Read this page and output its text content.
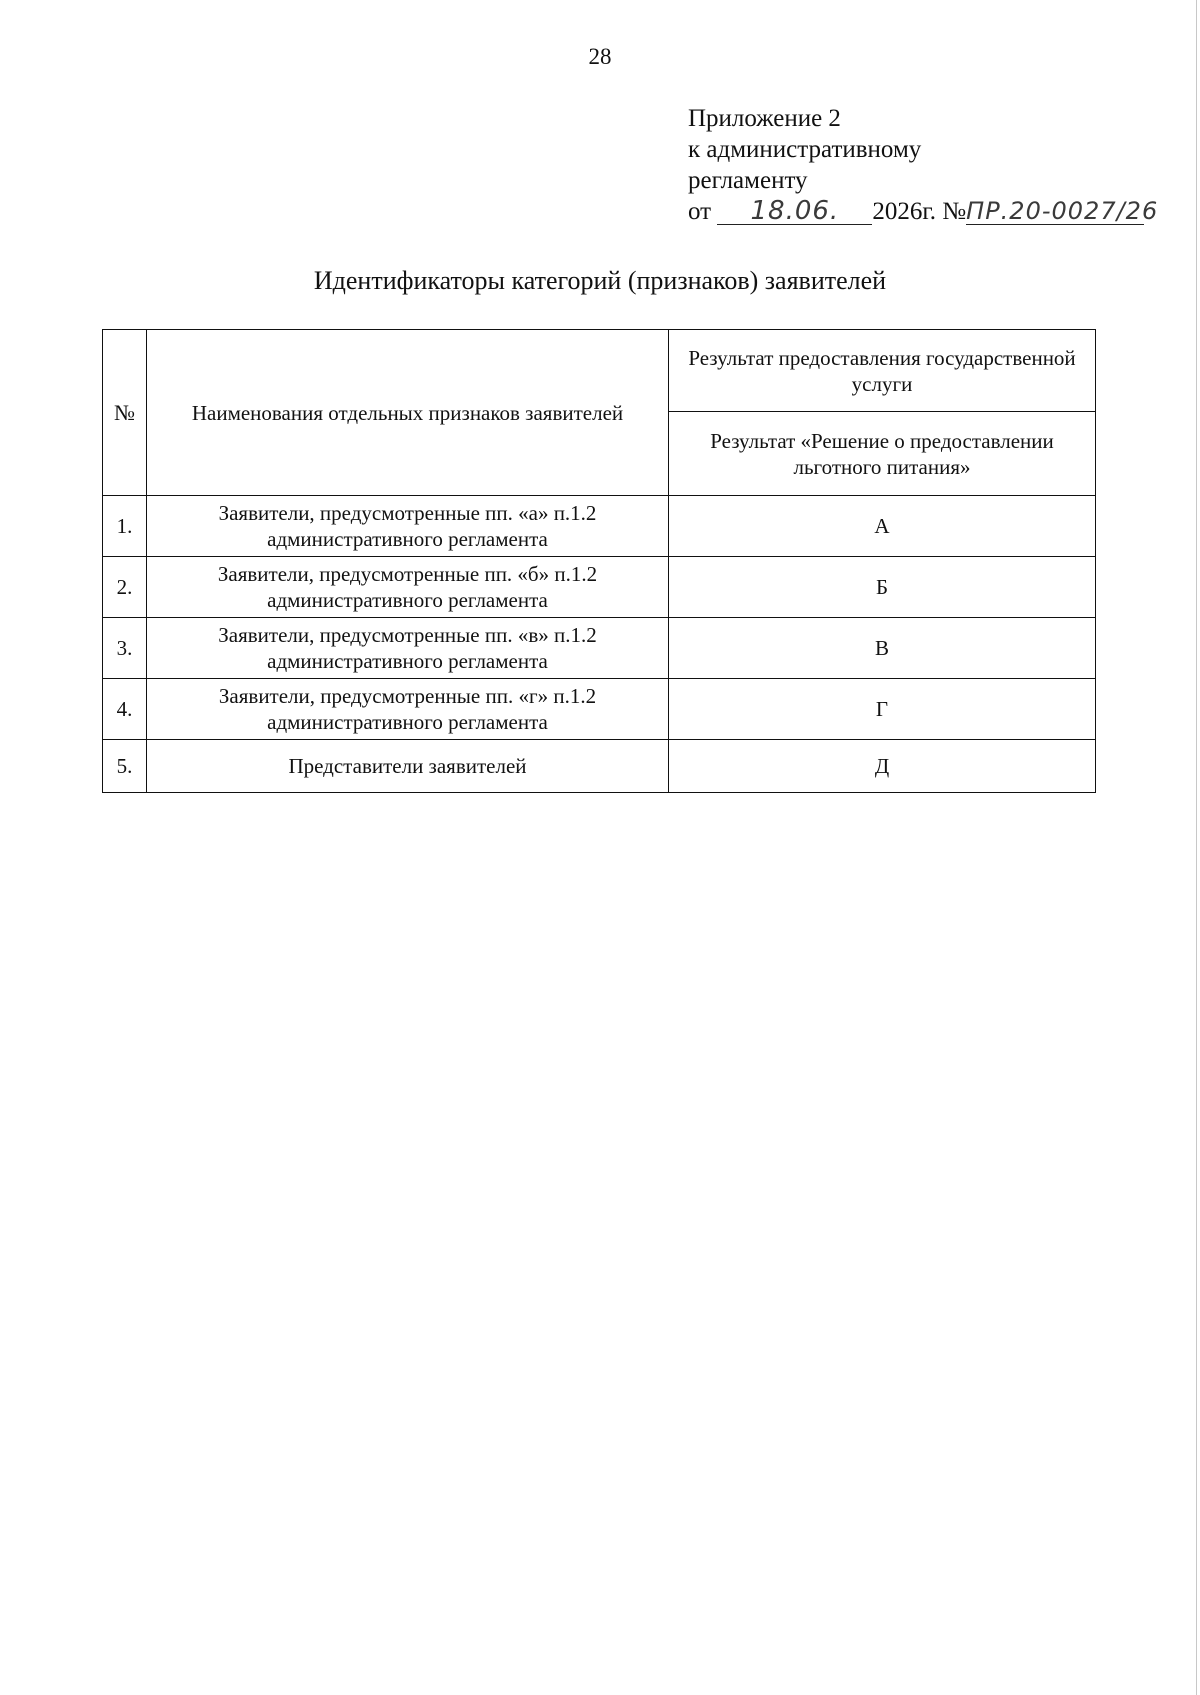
28
Приложение 2
к административному
регламенту
от 18.06. 2026г. №ПР.20-0027/26
Идентификаторы категорий (признаков) заявителей
№	Наименования отдельных признаков заявителей	Результат предоставления государственной услуги
		Результат «Решение о предоставлении льготного питания»
1.	Заявители, предусмотренные пп. «а» п.1.2 административного регламента	А
2.	Заявители, предусмотренные пп. «б» п.1.2 административного регламента	Б
3.	Заявители, предусмотренные пп. «в» п.1.2 административного регламента	В
4.	Заявители, предусмотренные пп. «г» п.1.2 административного регламента	Г
5.	Представители заявителей	Д
